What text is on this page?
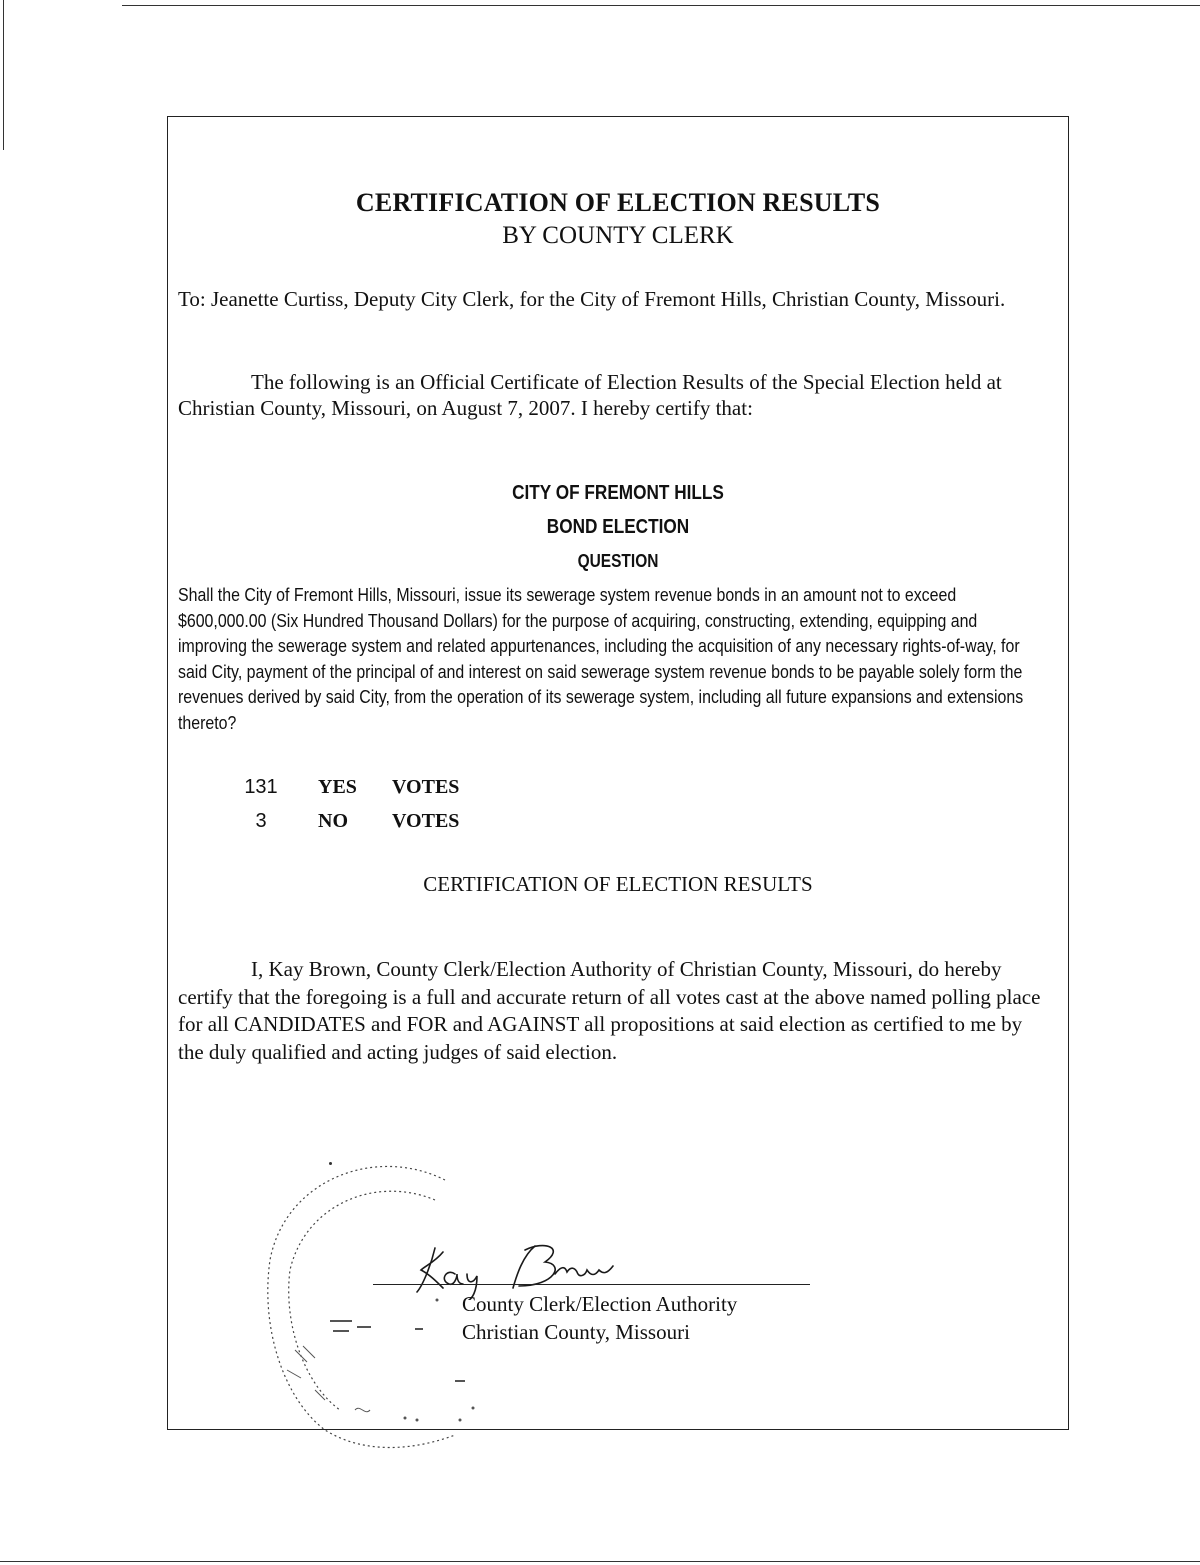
CERTIFICATION OF ELECTION RESULTS
BY COUNTY CLERK

To: Jeanette Curtiss, Deputy City Clerk, for the City of Fremont Hills, Christian County, Missouri.

The following is an Official Certificate of Election Results of the Special Election held at Christian County, Missouri, on August 7, 2007. I hereby certify that:

CITY OF FREMONT HILLS
BOND ELECTION
QUESTION

Shall the City of Fremont Hills, Missouri, issue its sewerage system revenue bonds in an amount not to exceed $600,000.00 (Six Hundred Thousand Dollars) for the purpose of acquiring, constructing, extending, equipping and improving the sewerage system and related appurtenances, including the acquisition of any necessary rights-of-way, for said City, payment of the principal of and interest on said sewerage system revenue bonds to be payable solely form the revenues derived by said City, from the operation of its sewerage system, including all future expansions and extensions thereto?

131 YES VOTES
3	NO VOTES
CERTIFICATION OF ELECTION RESULTS

I, Kay Brown, County Clerk/Election Authority of Christian County, Missouri, do hereby certify that the foregoing is a full and accurate return of all votes cast at the above named polling place for all CANDIDATES and FOR and AGAINST all propositions at said election as certified to me by the duly qualified and acting judges of said election.

County Clerk/Election Authority
Christian County, Missouri
